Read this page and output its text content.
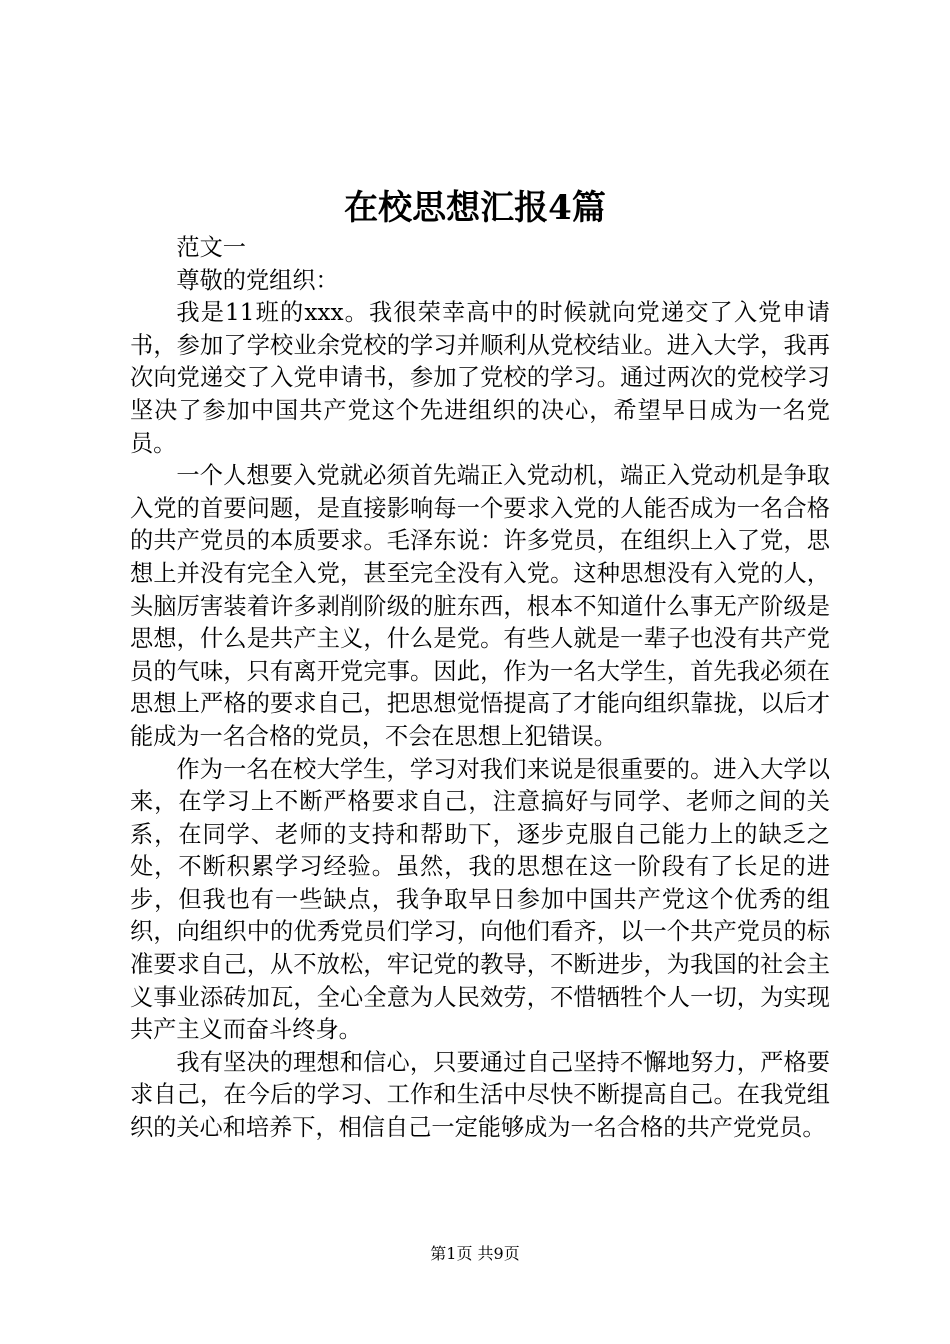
在校思想汇报4篇

范文一

尊敬的党组织：

我是11班的xxx。我很荣幸高中的时候就向党递交了入党申请书，参加了学校业余党校的学习并顺利从党校结业。进入大学，我再次向党递交了入党申请书，参加了党校的学习。通过两次的党校学习坚决了参加中国共产党这个先进组织的决心，希望早日成为一名党员。

一个人想要入党就必须首先端正入党动机，端正入党动机是争取入党的首要问题，是直接影响每一个要求入党的人能否成为一名合格的共产党员的本质要求。毛泽东说：许多党员，在组织上入了党，思想上并没有完全入党，甚至完全没有入党。这种思想没有入党的人，头脑厉害装着许多剥削阶级的脏东西，根本不知道什么事无产阶级是思想，什么是共产主义，什么是党。有些人就是一辈子也没有共产党员的气味，只有离开党完事。因此，作为一名大学生，首先我必须在思想上严格的要求自己，把思想觉悟提高了才能向组织靠拢，以后才能成为一名合格的党员，不会在思想上犯错误。

作为一名在校大学生，学习对我们来说是很重要的。进入大学以来，在学习上不断严格要求自己，注意搞好与同学、老师之间的关系，在同学、老师的支持和帮助下，逐步克服自己能力上的缺乏之处，不断积累学习经验。虽然，我的思想在这一阶段有了长足的进步，但我也有一些缺点，我争取早日参加中国共产党这个优秀的组织，向组织中的优秀党员们学习，向他们看齐，以一个共产党员的标准要求自己，从不放松，牢记党的教导，不断进步，为我国的社会主义事业添砖加瓦，全心全意为人民效劳，不惜牺牲个人一切，为实现共产主义而奋斗终身。

我有坚决的理想和信心，只要通过自己坚持不懈地努力，严格要求自己，在今后的学习、工作和生活中尽快不断提高自己。在我党组织的关心和培养下，相信自己一定能够成为一名合格的共产党党员。

第1页 共9页
